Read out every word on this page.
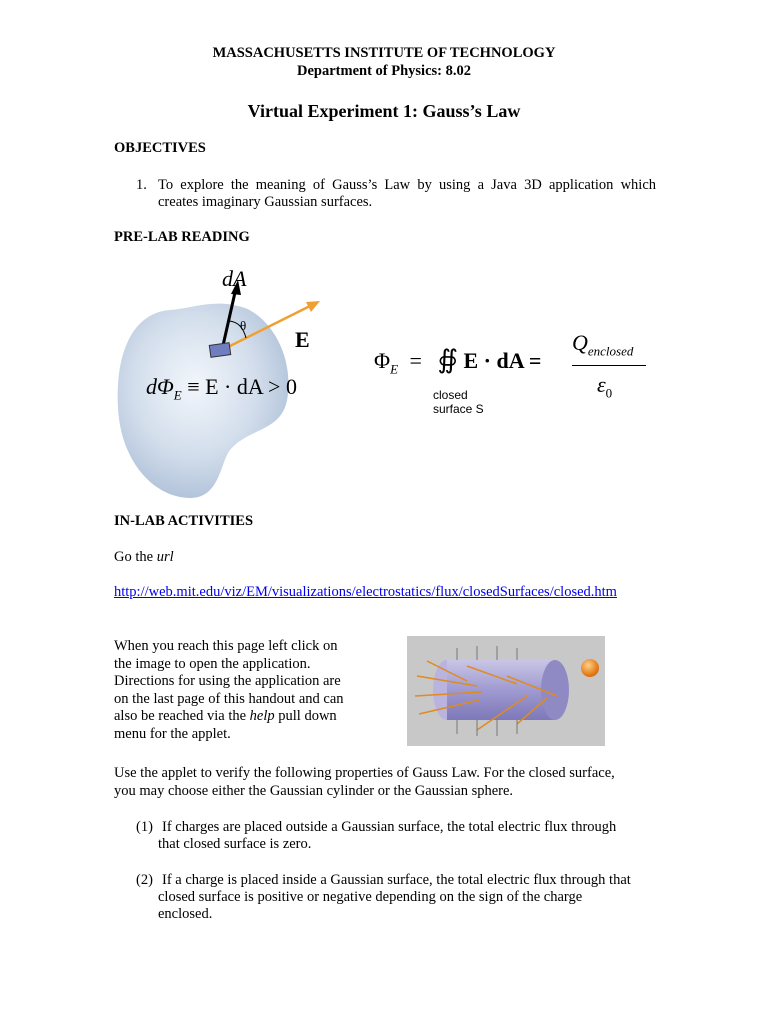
MASSACHUSETTS INSTITUTE OF TECHNOLOGY
Department of Physics: 8.02
Virtual Experiment 1: Gauss’s Law
OBJECTIVES
1. To explore the meaning of Gauss’s Law by using a Java 3D application which
creates imaginary Gaussian surfaces.
PRE-LAB READING
dA
θ
E
$d\Phi_E \equiv E$ · dA > 0
$\Phi_E$ = ∯ E · dA =
$Q_{enclosed}$
$\varepsilon_0$
closed
surface S
IN-LAB ACTIVITIES
Go the url
http://web.mit.edu/viz/EM/visualizations/electrostatics/flux/closedSurfaces/closed.htm
When you reach this page left click on
the image to open the application.
Directions for using the application are
on the last page of this handout and can
also be reached via the help pull down
menu for the applet.
Use the applet to verify the following properties of Gauss Law. For the closed surface,
you may choose either the Gaussian cylinder or the Gaussian sphere.
(1) If charges are placed outside a Gaussian surface, the total electric flux through
that closed surface is zero.
(2) If a charge is placed inside a Gaussian surface, the total electric flux through that
closed surface is positive or negative depending on the sign of the charge
enclosed.
